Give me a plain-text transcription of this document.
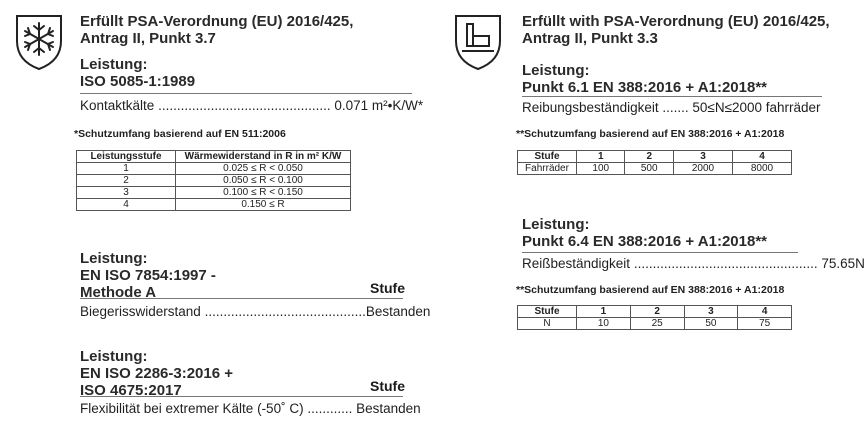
Erfüllt PSA-Verordnung (EU) 2016/425,
Antrag II, Punkt 3.7
Leistung:
ISO 5085-1:1989
Kontaktkälte .............................................. 0.071 m²•K/W*
*Schutzumfang basierend auf EN 511:2006
Leistungsstufe	Wärmewiderstand in R in m² K/W
1	0.025 ≤ R < 0.050
2	0.050 ≤ R < 0.100
3	0.100 ≤ R < 0.150
4	0.150 ≤ R
Leistung:
EN ISO 7854:1997 -
Methode A	Stufe
Biegerisswiderstand ...........................................Bestanden
Leistung:
EN ISO 2286-3:2016 +
ISO 4675:2017	Stufe
Flexibilität bei extremer Kälte (-50˚ C) ............ Bestanden
Erfüllt with PSA-Verordnung (EU) 2016/425,
Antrag II, Punkt 3.3
Leistung:
Punkt 6.1 EN 388:2016 + A1:2018**
Reibungsbeständigkeit ....... 50≤N≤2000 fahrräder
**Schutzumfang basierend auf EN 388:2016 + A1:2018
Stufe	1	2	3	4
Fahrräder	100	500	2000	8000
Leistung:
Punkt 6.4 EN 388:2016 + A1:2018**
Reißbeständigkeit ................................................. 75.65N
**Schutzumfang basierend auf EN 388:2016 + A1:2018
Stufe	1	2	3	4
N	10	25	50	75
